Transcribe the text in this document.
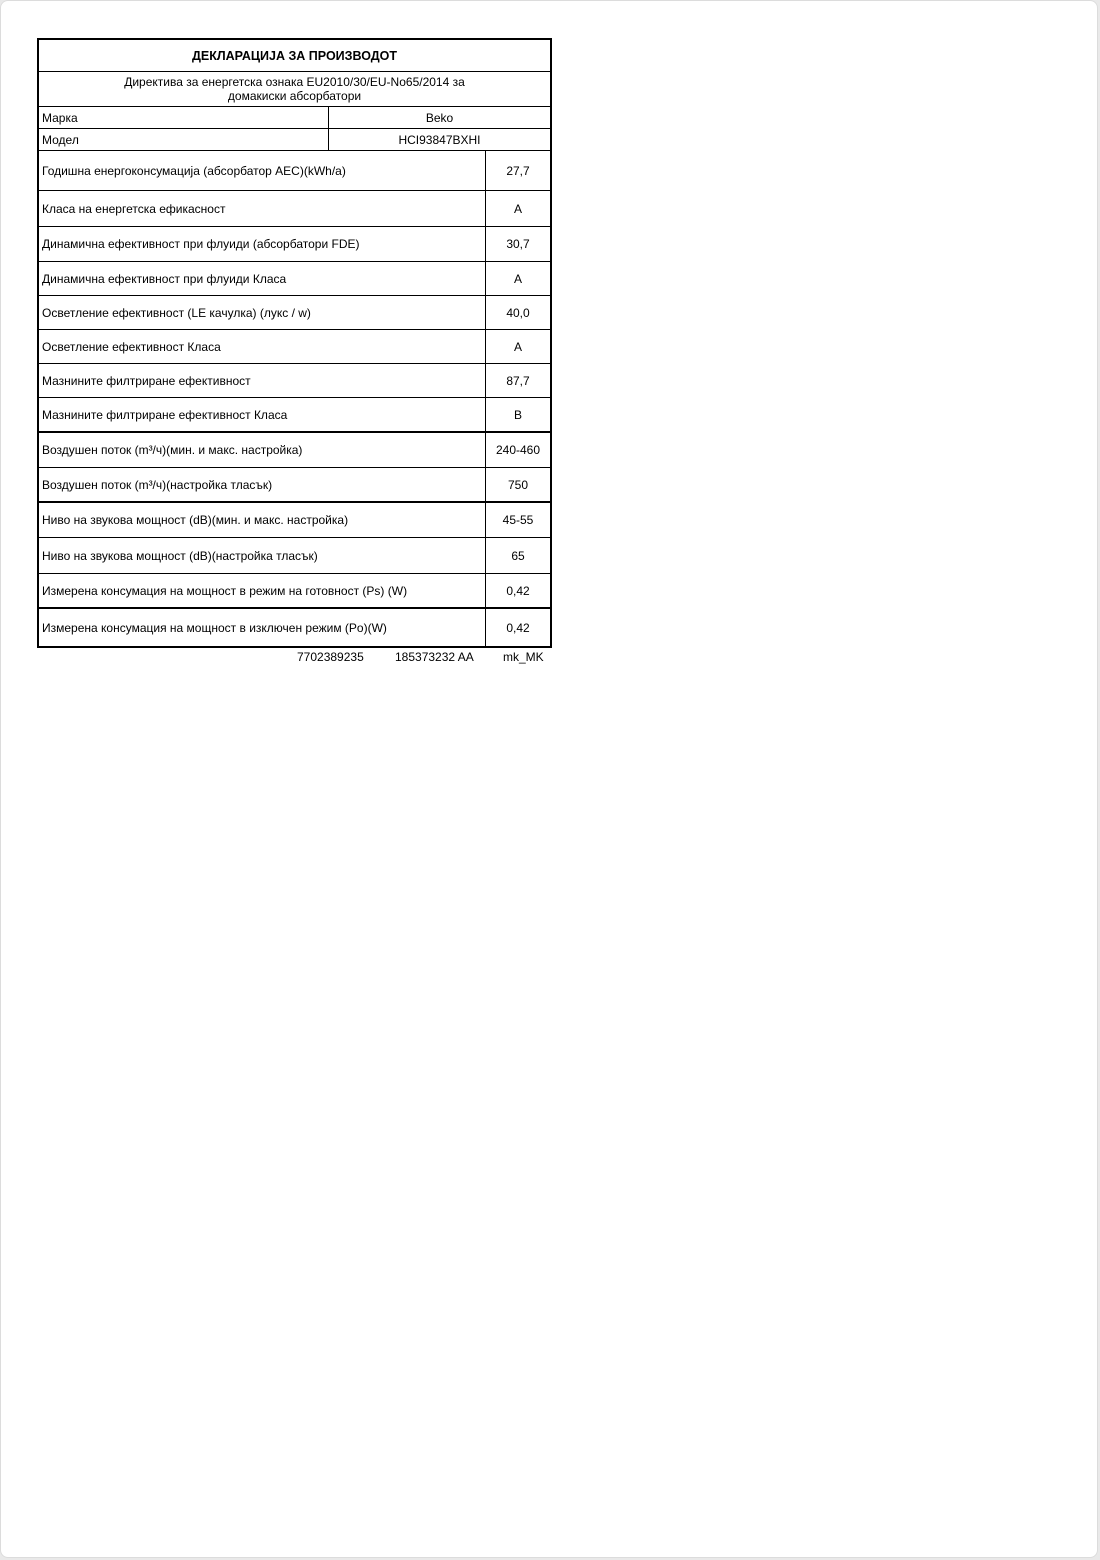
ДЕКЛАРАЦИЈА ЗА ПРОИЗВОДОТ
Директива за енергетска ознака EU2010/30/EU-No65/2014 за домакиски абсорбатори
Марка	Beko
Модел	HCI93847BXHI
Годишна енергоконсумација (абсорбатор AEC)(kWh/a)	27,7
Класа на енергетска ефикасност	A
Динамична ефективност при флуиди (абсорбатори FDE)	30,7
Динамична ефективност при флуиди Класа	A
Осветление ефективност (LE качулка) (лукс / w)	40,0
Осветление ефективност Класа	A
Мазнините филтриране ефективност	87,7
Мазнините филтриране ефективност Класа	B
Воздушен поток (m³/ч)(мин. и макс. настройка)	240-460
Воздушен поток (m³/ч)(настройка тласък)	750
Ниво на звукова мощност (dB)(мин. и макс. настройка)	45-55
Ниво на звукова мощност (dB)(настройка тласък)	65
Измерена консумация на мощност в режим на готовност (Ps) (W)	0,42
Измерена консумация на мощност в изключен режим (Po)(W)	0,42
7702389235	185373232 AA mk_MK
